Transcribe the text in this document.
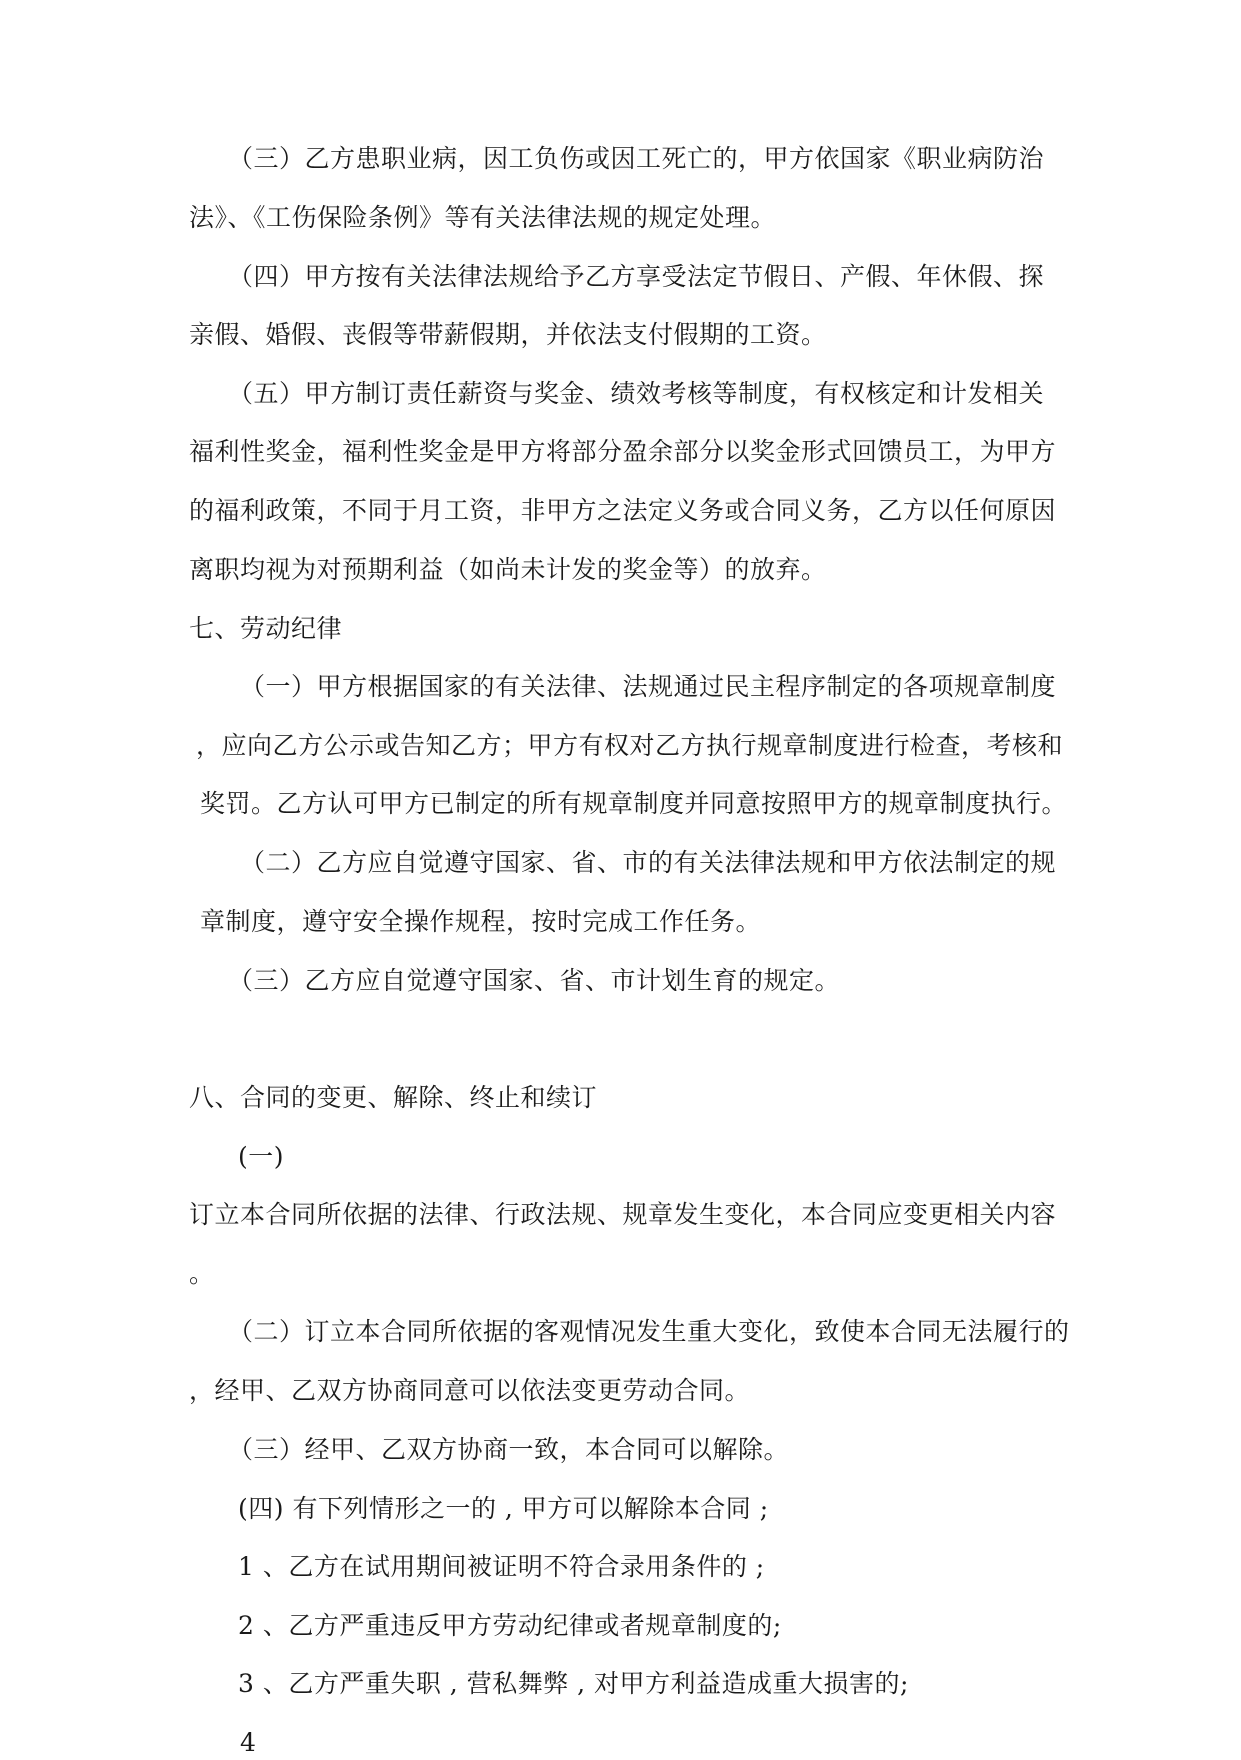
（三）乙方患职业病，因工负伤或因工死亡的，甲方依国家《职业病防治
法》、《工伤保险条例》等有关法律法规的规定处理。
（四）甲方按有关法律法规给予乙方享受法定节假日、产假、年休假、探
亲假、婚假、丧假等带薪假期，并依法支付假期的工资。
（五）甲方制订责任薪资与奖金、绩效考核等制度，有权核定和计发相关
福利性奖金，福利性奖金是甲方将部分盈余部分以奖金形式回馈员工，为甲方
的福利政策，不同于月工资，非甲方之法定义务或合同义务，乙方以任何原因
离职均视为对预期利益（如尚未计发的奖金等）的放弃。
七、劳动纪律
（一）甲方根据国家的有关法律、法规通过民主程序制定的各项规章制度
，应向乙方公示或告知乙方；甲方有权对乙方执行规章制度进行检查，考核和
奖罚。乙方认可甲方已制定的所有规章制度并同意按照甲方的规章制度执行。
（二）乙方应自觉遵守国家、省、市的有关法律法规和甲方依法制定的规
章制度，遵守安全操作规程，按时完成工作任务。
（三）乙方应自觉遵守国家、省、市计划生育的规定。
八、合同的变更、解除、终止和续订
(一)
订立本合同所依据的法律、行政法规、规章发生变化，本合同应变更相关内容
。
（二）订立本合同所依据的客观情况发生重大变化，致使本合同无法履行的
，经甲、乙双方协商同意可以依法变更劳动合同。
（三）经甲、乙双方协商一致，本合同可以解除。
(四) 有下列情形之一的 , 甲方可以解除本合同 ;
1 、乙方在试用期间被证明不符合录用条件的 ;
2 、乙方严重违反甲方劳动纪律或者规章制度的;
3 、乙方严重失职 , 营私舞弊 , 对甲方利益造成重大损害的;
4
